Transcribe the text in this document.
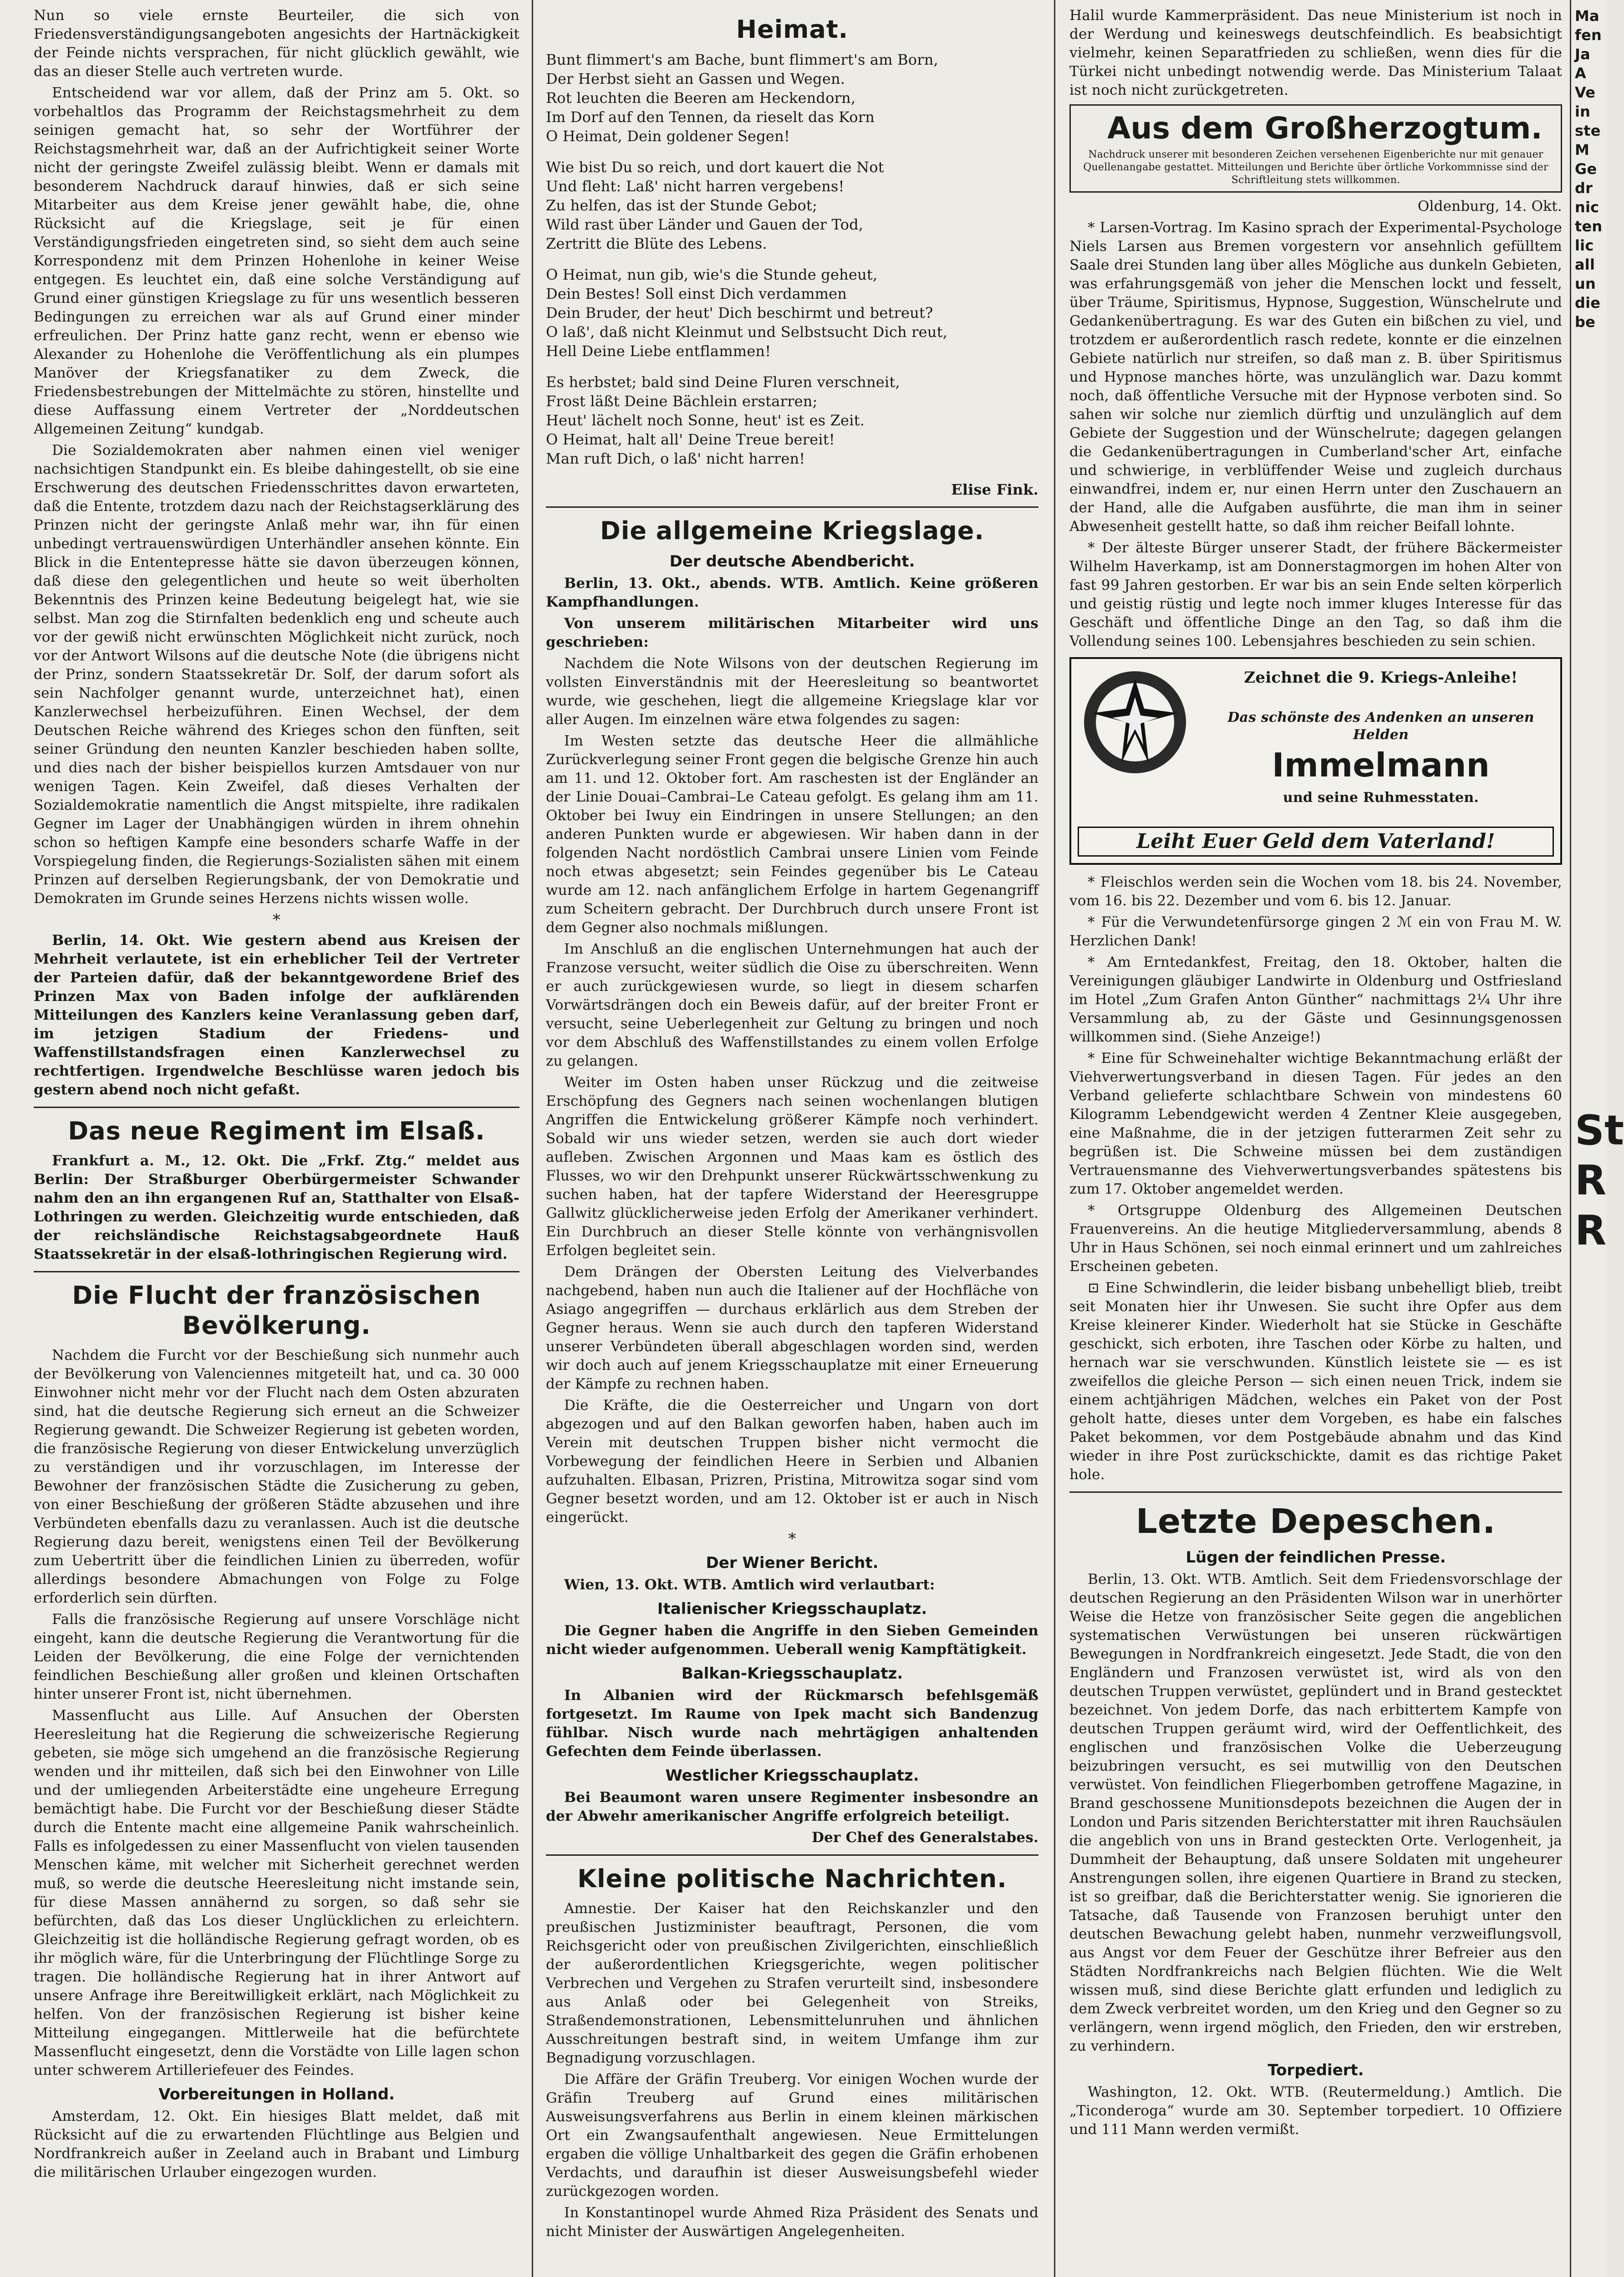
Nun so viele ernste Beurteiler, die sich von Friedensverständigungsangeboten angesichts der Hartnäckigkeit der Feinde nichts versprachen, für nicht glücklich gewählt, wie das an dieser Stelle auch vertreten wurde.

Entscheidend war vor allem, daß der Prinz am 5. Okt. so vorbehaltlos das Programm der Reichstagsmehrheit zu dem seinigen gemacht hat, so sehr der Wortführer der Reichstagsmehrheit war, daß an der Aufrichtigkeit seiner Worte nicht der geringste Zweifel zulässig bleibt. Wenn er damals mit besonderem Nachdruck darauf hinwies, daß er sich seine Mitarbeiter aus dem Kreise jener gewählt habe, die, ohne Rücksicht auf die Kriegslage, seit je für einen Verständigungsfrieden eingetreten sind, so sieht dem auch seine Korrespondenz mit dem Prinzen Hohenlohe in keiner Weise entgegen. Es leuchtet ein, daß eine solche Verständigung auf Grund einer günstigen Kriegslage zu für uns wesentlich besseren Bedingungen zu erreichen war als auf Grund einer minder erfreulichen. Der Prinz hatte ganz recht, wenn er ebenso wie Alexander zu Hohenlohe die Veröffentlichung als ein plumpes Manöver der Kriegsfanatiker zu dem Zweck, die Friedensbestrebungen der Mittelmächte zu stören, hinstellte und diese Auffassung einem Vertreter der „Norddeutschen Allgemeinen Zeitung“ kundgab.

Die Sozialdemokraten aber nahmen einen viel weniger nachsichtigen Standpunkt ein. Es bleibe dahingestellt, ob sie eine Erschwerung des deutschen Friedensschrittes davon erwarteten, daß die Entente, trotzdem dazu nach der Reichstagserklärung des Prinzen nicht der geringste Anlaß mehr war, ihn für einen unbedingt vertrauenswürdigen Unterhändler ansehen könnte. Ein Blick in die Ententepresse hätte sie davon überzeugen können, daß diese den gelegentlichen und heute so weit überholten Bekenntnis des Prinzen keine Bedeutung beigelegt hat, wie sie selbst. Man zog die Stirnfalten bedenklich eng und scheute auch vor der gewiß nicht erwünschten Möglichkeit nicht zurück, noch vor der Antwort Wilsons auf die deutsche Note (die übrigens nicht der Prinz, sondern Staatssekretär Dr. Solf, der darum sofort als sein Nachfolger genannt wurde, unterzeichnet hat), einen Kanzlerwechsel herbeizuführen. Einen Wechsel, der dem Deutschen Reiche während des Krieges schon den fünften, seit seiner Gründung den neunten Kanzler beschieden haben sollte, und dies nach der bisher beispiellos kurzen Amtsdauer von nur wenigen Tagen. Kein Zweifel, daß dieses Verhalten der Sozialdemokratie namentlich die Angst mitspielte, ihre radikalen Gegner im Lager der Unabhängigen würden in ihrem ohnehin schon so heftigen Kampfe eine besonders scharfe Waffe in der Vorspiegelung finden, die Regierungs-Sozialisten sähen mit einem Prinzen auf derselben Regierungsbank, der von Demokratie und Demokraten im Grunde seines Herzens nichts wissen wolle.

*

Berlin, 14. Okt. Wie gestern abend aus Kreisen der Mehrheit verlautete, ist ein erheblicher Teil der Vertreter der Parteien dafür, daß der bekanntgewordene Brief des Prinzen Max von Baden infolge der aufklärenden Mitteilungen des Kanzlers keine Veranlassung geben darf, im jetzigen Stadium der Friedens- und Waffenstillstandsfragen einen Kanzlerwechsel zu rechtfertigen. Irgendwelche Beschlüsse waren jedoch bis gestern abend noch nicht gefaßt.

Das neue Regiment im Elsaß.

Frankfurt a. M., 12. Okt. Die „Frkf. Ztg.“ meldet aus Berlin: Der Straßburger Oberbürgermeister Schwander nahm den an ihn ergangenen Ruf an, Statthalter von Elsaß-Lothringen zu werden. Gleichzeitig wurde entschieden, daß der reichsländische Reichstagsabgeordnete Hauß Staatssekretär in der elsaß-lothringischen Regierung wird.

Die Flucht der französischen Bevölkerung.

Nachdem die Furcht vor der Beschießung sich nunmehr auch der Bevölkerung von Valenciennes mitgeteilt hat, und ca. 30 000 Einwohner nicht mehr vor der Flucht nach dem Osten abzuraten sind, hat die deutsche Regierung sich erneut an die Schweizer Regierung gewandt. Die Schweizer Regierung ist gebeten worden, die französische Regierung von dieser Entwickelung unverzüglich zu verständigen und ihr vorzuschlagen, im Interesse der Bewohner der französischen Städte die Zusicherung zu geben, von einer Beschießung der größeren Städte abzusehen und ihre Verbündeten ebenfalls dazu zu veranlassen. Auch ist die deutsche Regierung dazu bereit, wenigstens einen Teil der Bevölkerung zum Uebertritt über die feindlichen Linien zu überreden, wofür allerdings besondere Abmachungen von Folge zu Folge erforderlich sein dürften.

Falls die französische Regierung auf unsere Vorschläge nicht eingeht, kann die deutsche Regierung die Verantwortung für die Leiden der Bevölkerung, die eine Folge der vernichtenden feindlichen Beschießung aller großen und kleinen Ortschaften hinter unserer Front ist, nicht übernehmen.

Massenflucht aus Lille. Auf Ansuchen der Obersten Heeresleitung hat die Regierung die schweizerische Regierung gebeten, sie möge sich umgehend an die französische Regierung wenden und ihr mitteilen, daß sich bei den Einwohner von Lille und der umliegenden Arbeiterstädte eine ungeheure Erregung bemächtigt habe. Die Furcht vor der Beschießung dieser Städte durch die Entente macht eine allgemeine Panik wahrscheinlich. Falls es infolgedessen zu einer Massenflucht von vielen tausenden Menschen käme, mit welcher mit Sicherheit gerechnet werden muß, so werde die deutsche Heeresleitung nicht imstande sein, für diese Massen annähernd zu sorgen, so daß sehr sie befürchten, daß das Los dieser Unglücklichen zu erleichtern. Gleichzeitig ist die holländische Regierung gefragt worden, ob es ihr möglich wäre, für die Unterbringung der Flüchtlinge Sorge zu tragen. Die holländische Regierung hat in ihrer Antwort auf unsere Anfrage ihre Bereitwilligkeit erklärt, nach Möglichkeit zu helfen. Von der französischen Regierung ist bisher keine Mitteilung eingegangen. Mittlerweile hat die befürchtete Massenflucht eingesetzt, denn die Vorstädte von Lille lagen schon unter schwerem Artilleriefeuer des Feindes.

Vorbereitungen in Holland.

Amsterdam, 12. Okt. Ein hiesiges Blatt meldet, daß mit Rücksicht auf die zu erwartenden Flüchtlinge aus Belgien und Nordfrankreich außer in Zeeland auch in Brabant und Limburg die militärischen Urlauber eingezogen wurden.

Heimat.

Bunt flimmert's am Bache, bunt flimmert's am Born,

Der Herbst sieht an Gassen und Wegen.

Rot leuchten die Beeren am Heckendorn,

Im Dorf auf den Tennen, da rieselt das Korn

O Heimat, Dein goldener Segen!

Wie bist Du so reich, und dort kauert die Not

Und fleht: Laß' nicht harren vergebens!

Zu helfen, das ist der Stunde Gebot;

Wild rast über Länder und Gauen der Tod,

Zertritt die Blüte des Lebens.

O Heimat, nun gib, wie's die Stunde geheut,

Dein Bestes! Soll einst Dich verdammen

Dein Bruder, der heut' Dich beschirmt und betreut?

O laß', daß nicht Kleinmut und Selbstsucht Dich reut,

Hell Deine Liebe entflammen!

Es herbstet; bald sind Deine Fluren verschneit,

Frost läßt Deine Bächlein erstarren;

Heut' lächelt noch Sonne, heut' ist es Zeit.

O Heimat, halt all' Deine Treue bereit!

Man ruft Dich, o laß' nicht harren!

Elise Fink.

Die allgemeine Kriegslage.
Der deutsche Abendbericht.

Berlin, 13. Okt., abends. WTB. Amtlich. Keine größeren Kampfhandlungen.

Von unserem militärischen Mitarbeiter wird uns geschrieben:

Nachdem die Note Wilsons von der deutschen Regierung im vollsten Einverständnis mit der Heeresleitung so beantwortet wurde, wie geschehen, liegt die allgemeine Kriegslage klar vor aller Augen. Im einzelnen wäre etwa folgendes zu sagen:

Im Westen setzte das deutsche Heer die allmähliche Zurückverlegung seiner Front gegen die belgische Grenze hin auch am 11. und 12. Oktober fort. Am raschesten ist der Engländer an der Linie Douai–Cambrai–Le Cateau gefolgt. Es gelang ihm am 11. Oktober bei Iwuy ein Eindringen in unsere Stellungen; an den anderen Punkten wurde er abgewiesen. Wir haben dann in der folgenden Nacht nordöstlich Cambrai unsere Linien vom Feinde noch etwas abgesetzt; sein Feindes gegenüber bis Le Cateau wurde am 12. nach anfänglichem Erfolge in hartem Gegenangriff zum Scheitern gebracht. Der Durchbruch durch unsere Front ist dem Gegner also nochmals mißlungen.

Im Anschluß an die englischen Unternehmungen hat auch der Franzose versucht, weiter südlich die Oise zu überschreiten. Wenn er auch zurückgewiesen wurde, so liegt in diesem scharfen Vorwärtsdrängen doch ein Beweis dafür, auf der breiter Front er versucht, seine Ueberlegenheit zur Geltung zu bringen und noch vor dem Abschluß des Waffenstillstandes zu einem vollen Erfolge zu gelangen.

Weiter im Osten haben unser Rückzug und die zeitweise Erschöpfung des Gegners nach seinen wochenlangen blutigen Angriffen die Entwickelung größerer Kämpfe noch verhindert. Sobald wir uns wieder setzen, werden sie auch dort wieder aufleben. Zwischen Argonnen und Maas kam es östlich des Flusses, wo wir den Drehpunkt unserer Rückwärtsschwenkung zu suchen haben, hat der tapfere Widerstand der Heeresgruppe Gallwitz glücklicherweise jeden Erfolg der Amerikaner verhindert. Ein Durchbruch an dieser Stelle könnte von verhängnisvollen Erfolgen begleitet sein.

Dem Drängen der Obersten Leitung des Vielverbandes nachgebend, haben nun auch die Italiener auf der Hochfläche von Asiago angegriffen — durchaus erklärlich aus dem Streben der Gegner heraus. Wenn sie auch durch den tapferen Widerstand unserer Verbündeten überall abgeschlagen worden sind, werden wir doch auch auf jenem Kriegsschauplatze mit einer Erneuerung der Kämpfe zu rechnen haben.

Die Kräfte, die die Oesterreicher und Ungarn von dort abgezogen und auf den Balkan geworfen haben, haben auch im Verein mit deutschen Truppen bisher nicht vermocht die Vorbewegung der feindlichen Heere in Serbien und Albanien aufzuhalten. Elbasan, Prizren, Pristina, Mitrowitza sogar sind vom Gegner besetzt worden, und am 12. Oktober ist er auch in Nisch eingerückt.

*

Der Wiener Bericht.

Wien, 13. Okt. WTB. Amtlich wird verlautbart:

Italienischer Kriegsschauplatz.

Die Gegner haben die Angriffe in den Sieben Gemeinden nicht wieder aufgenommen. Ueberall wenig Kampftätigkeit.

Balkan-Kriegsschauplatz.

In Albanien wird der Rückmarsch befehlsgemäß fortgesetzt. Im Raume von Ipek macht sich Bandenzug fühlbar. Nisch wurde nach mehrtägigen anhaltenden Gefechten dem Feinde überlassen.

Westlicher Kriegsschauplatz.

Bei Beaumont waren unsere Regimenter insbesondre an der Abwehr amerikanischer Angriffe erfolgreich beteiligt.

Der Chef des Generalstabes.

Kleine politische Nachrichten.

Amnestie. Der Kaiser hat den Reichskanzler und den preußischen Justizminister beauftragt, Personen, die vom Reichsgericht oder von preußischen Zivilgerichten, einschließlich der außerordentlichen Kriegsgerichte, wegen politischer Verbrechen und Vergehen zu Strafen verurteilt sind, insbesondere aus Anlaß oder bei Gelegenheit von Streiks, Straßendemonstrationen, Lebensmittelunruhen und ähnlichen Ausschreitungen bestraft sind, in weitem Umfange ihm zur Begnadigung vorzuschlagen.

Die Affäre der Gräfin Treuberg. Vor einigen Wochen wurde der Gräfin Treuberg auf Grund eines militärischen Ausweisungsverfahrens aus Berlin in einem kleinen märkischen Ort ein Zwangsaufenthalt angewiesen. Neue Ermittelungen ergaben die völlige Unhaltbarkeit des gegen die Gräfin erhobenen Verdachts, und daraufhin ist dieser Ausweisungsbefehl wieder zurückgezogen worden.

In Konstantinopel wurde Ahmed Riza Präsident des Senats und nicht Minister der Auswärtigen Angelegenheiten.

Halil wurde Kammerpräsident. Das neue Ministerium ist noch in der Werdung und keineswegs deutschfeindlich. Es beabsichtigt vielmehr, keinen Separatfrieden zu schließen, wenn dies für die Türkei nicht unbedingt notwendig werde. Das Ministerium Talaat ist noch nicht zurückgetreten.

Aus dem Großherzogtum.

Nachdruck unserer mit besonderen Zeichen versehenen Eigenberichte nur mit genauer Quellenangabe gestattet. Mitteilungen und Berichte über örtliche Vorkommnisse sind der Schriftleitung stets willkommen.

Oldenburg, 14. Okt.

* Larsen-Vortrag. Im Kasino sprach der Experimental-Psychologe Niels Larsen aus Bremen vorgestern vor ansehnlich gefülltem Saale drei Stunden lang über alles Mögliche aus dunkeln Gebieten, was erfahrungsgemäß von jeher die Menschen lockt und fesselt, über Träume, Spiritismus, Hypnose, Suggestion, Wünschelrute und Gedankenübertragung. Es war des Guten ein bißchen zu viel, und trotzdem er außerordentlich rasch redete, konnte er die einzelnen Gebiete natürlich nur streifen, so daß man z. B. über Spiritismus und Hypnose manches hörte, was unzulänglich war. Dazu kommt noch, daß öffentliche Versuche mit der Hypnose verboten sind. So sahen wir solche nur ziemlich dürftig und unzulänglich auf dem Gebiete der Suggestion und der Wünschelrute; dagegen gelangen die Gedankenübertragungen in Cumberland'scher Art, einfache und schwierige, in verblüffender Weise und zugleich durchaus einwandfrei, indem er, nur einen Herrn unter den Zuschauern an der Hand, alle die Aufgaben ausführte, die man ihm in seiner Abwesenheit gestellt hatte, so daß ihm reicher Beifall lohnte.

* Der älteste Bürger unserer Stadt, der frühere Bäckermeister Wilhelm Haverkamp, ist am Donnerstagmorgen im hohen Alter von fast 99 Jahren gestorben. Er war bis an sein Ende selten körperlich und geistig rüstig und legte noch immer kluges Interesse für das Geschäft und öffentliche Dinge an den Tag, so daß ihm die Vollendung seines 100. Lebensjahres beschieden zu sein schien.

Zeichnet die 9. Kriegs-Anleihe!

Das schönste des Andenken an unseren Helden

Immelmann

und seine Ruhmesstaten.

Leiht Euer Geld dem Vaterland!

* Fleischlos werden sein die Wochen vom 18. bis 24. November, vom 16. bis 22. Dezember und vom 6. bis 12. Januar.

* Für die Verwundetenfürsorge gingen 2 ℳ ein von Frau M. W. Herzlichen Dank!

* Am Erntedankfest, Freitag, den 18. Oktober, halten die Vereinigungen gläubiger Landwirte in Oldenburg und Ostfriesland im Hotel „Zum Grafen Anton Günther“ nachmittags 2¼ Uhr ihre Versammlung ab, zu der Gäste und Gesinnungsgenossen willkommen sind. (Siehe Anzeige!)

* Eine für Schweinehalter wichtige Bekanntmachung erläßt der Viehverwertungsverband in diesen Tagen. Für jedes an den Verband gelieferte schlachtbare Schwein von mindestens 60 Kilogramm Lebendgewicht werden 4 Zentner Kleie ausgegeben, eine Maßnahme, die in der jetzigen futterarmen Zeit sehr zu begrüßen ist. Die Schweine müssen bei dem zuständigen Vertrauensmanne des Viehverwertungsverbandes spätestens bis zum 17. Oktober angemeldet werden.

* Ortsgruppe Oldenburg des Allgemeinen Deutschen Frauenvereins. An die heutige Mitgliederversammlung, abends 8 Uhr in Haus Schönen, sei noch einmal erinnert und um zahlreiches Erscheinen gebeten.

⊡ Eine Schwindlerin, die leider bisbang unbehelligt blieb, treibt seit Monaten hier ihr Unwesen. Sie sucht ihre Opfer aus dem Kreise kleinerer Kinder. Wiederholt hat sie Stücke in Geschäfte geschickt, sich erboten, ihre Taschen oder Körbe zu halten, und hernach war sie verschwunden. Künstlich leistete sie — es ist zweifellos die gleiche Person — sich einen neuen Trick, indem sie einem achtjährigen Mädchen, welches ein Paket von der Post geholt hatte, dieses unter dem Vorgeben, es habe ein falsches Paket bekommen, vor dem Postgebäude abnahm und das Kind wieder in ihre Post zurückschickte, damit es das richtige Paket hole.

Letzte Depeschen.
Lügen der feindlichen Presse.

Berlin, 13. Okt. WTB. Amtlich. Seit dem Friedensvorschlage der deutschen Regierung an den Präsidenten Wilson war in unerhörter Weise die Hetze von französischer Seite gegen die angeblichen systematischen Verwüstungen bei unseren rückwärtigen Bewegungen in Nordfrankreich eingesetzt. Jede Stadt, die von den Engländern und Franzosen verwüstet ist, wird als von den deutschen Truppen verwüstet, geplündert und in Brand gestecktet bezeichnet. Von jedem Dorfe, das nach erbittertem Kampfe von deutschen Truppen geräumt wird, wird der Oeffentlichkeit, des englischen und französischen Volke die Ueberzeugung beizubringen versucht, es sei mutwillig von den Deutschen verwüstet. Von feindlichen Fliegerbomben getroffene Magazine, in Brand geschossene Munitionsdepots bezeichnen die Augen der in London und Paris sitzenden Berichterstatter mit ihren Rauchsäulen die angeblich von uns in Brand gesteckten Orte. Verlogenheit, ja Dummheit der Behauptung, daß unsere Soldaten mit ungeheurer Anstrengungen sollen, ihre eigenen Quartiere in Brand zu stecken, ist so greifbar, daß die Berichterstatter wenig. Sie ignorieren die Tatsache, daß Tausende von Franzosen beruhigt unter den deutschen Bewachung gelebt haben, nunmehr verzweiflungsvoll, aus Angst vor dem Feuer der Geschütze ihrer Befreier aus den Städten Nordfrankreichs nach Belgien flüchten. Wie die Welt wissen muß, sind diese Berichte glatt erfunden und lediglich zu dem Zweck verbreitet worden, um den Krieg und den Gegner so zu verlängern, wenn irgend möglich, den Frieden, den wir erstreben, zu verhindern.

Torpediert.

Washington, 12. Okt. WTB. (Reutermeldung.) Amtlich. Die „Ticonderoga“ wurde am 30. September torpediert. 10 Offiziere und 111 Mann werden vermißt.

Ma

fen

Ja

A

Ve

in

ste

M

Ge

dr

nic

ten

lic

all

un

die

be

St

R

R
